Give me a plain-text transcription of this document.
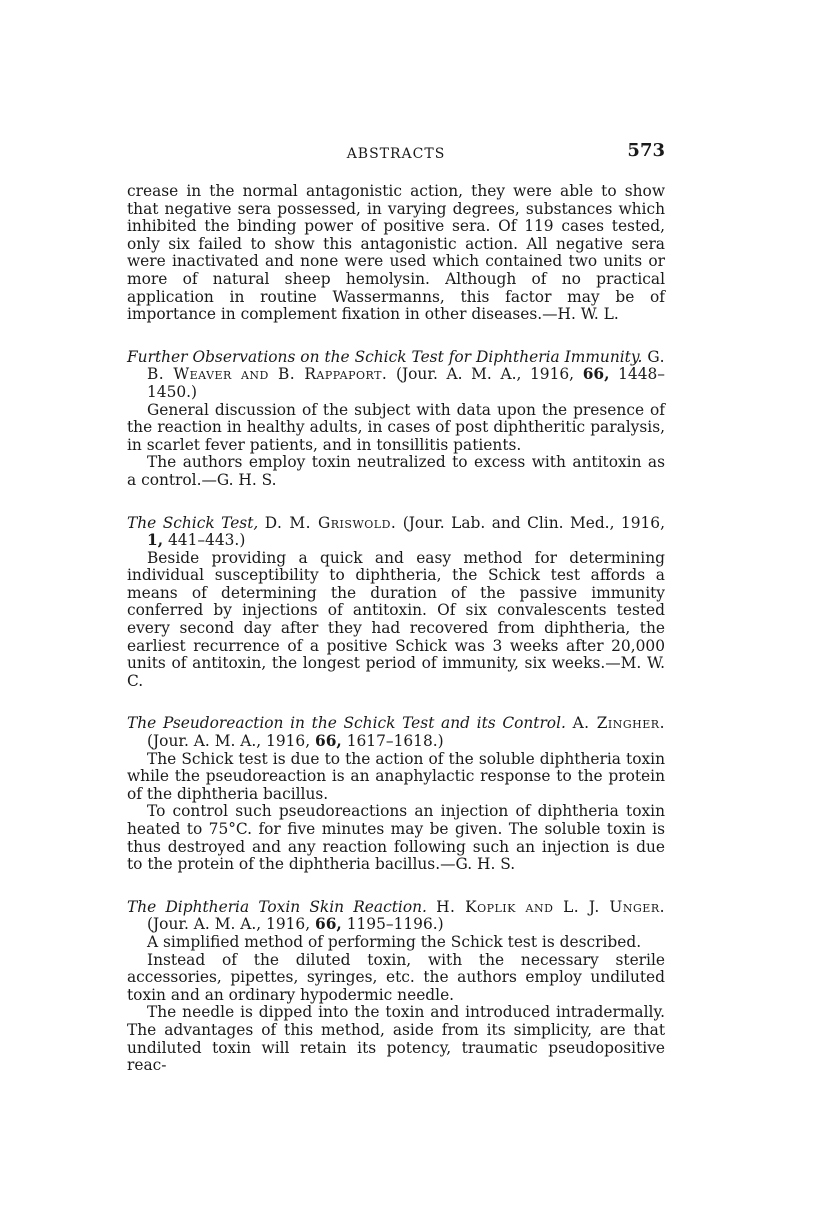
ABSTRACTS	573

crease in the normal antagonistic action, they were able to show that negative sera possessed, in varying degrees, substances which inhibited the binding power of positive sera. Of 119 cases tested, only six failed to show this antagonistic action. All negative sera were inactivated and none were used which contained two units or more of natural sheep hemolysin. Although of no practical application in routine Wassermanns, this factor may be of importance in complement fixation in other diseases.—H. W. L.

Further Observations on the Schick Test for Diphtheria Immunity. G. B. Weaver and B. Rappaport. (Jour. A. M. A., 1916, 66, 1448–1450.)

General discussion of the subject with data upon the presence of the reaction in healthy adults, in cases of post diphtheritic paralysis, in scarlet fever patients, and in tonsillitis patients.

The authors employ toxin neutralized to excess with antitoxin as a control.—G. H. S.

The Schick Test, D. M. Griswold. (Jour. Lab. and Clin. Med., 1916, 1, 441–443.)

Beside providing a quick and easy method for determining individual susceptibility to diphtheria, the Schick test affords a means of determining the duration of the passive immunity conferred by injections of antitoxin. Of six convalescents tested every second day after they had recovered from diphtheria, the earliest recurrence of a positive Schick was 3 weeks after 20,000 units of antitoxin, the longest period of immunity, six weeks.—M. W. C.

The Pseudoreaction in the Schick Test and its Control. A. Zingher. (Jour. A. M. A., 1916, 66, 1617–1618.)

The Schick test is due to the action of the soluble diphtheria toxin while the pseudoreaction is an anaphylactic response to the protein of the diphtheria bacillus.

To control such pseudoreactions an injection of diphtheria toxin heated to 75°C. for five minutes may be given. The soluble toxin is thus destroyed and any reaction following such an injection is due to the protein of the diphtheria bacillus.—G. H. S.

The Diphtheria Toxin Skin Reaction. H. Koplik and L. J. Unger. (Jour. A. M. A., 1916, 66, 1195–1196.)

A simplified method of performing the Schick test is described.

Instead of the diluted toxin, with the necessary sterile accessories, pipettes, syringes, etc. the authors employ undiluted toxin and an ordinary hypodermic needle.

The needle is dipped into the toxin and introduced intradermally. The advantages of this method, aside from its simplicity, are that undiluted toxin will retain its potency, traumatic pseudopositive reac-
